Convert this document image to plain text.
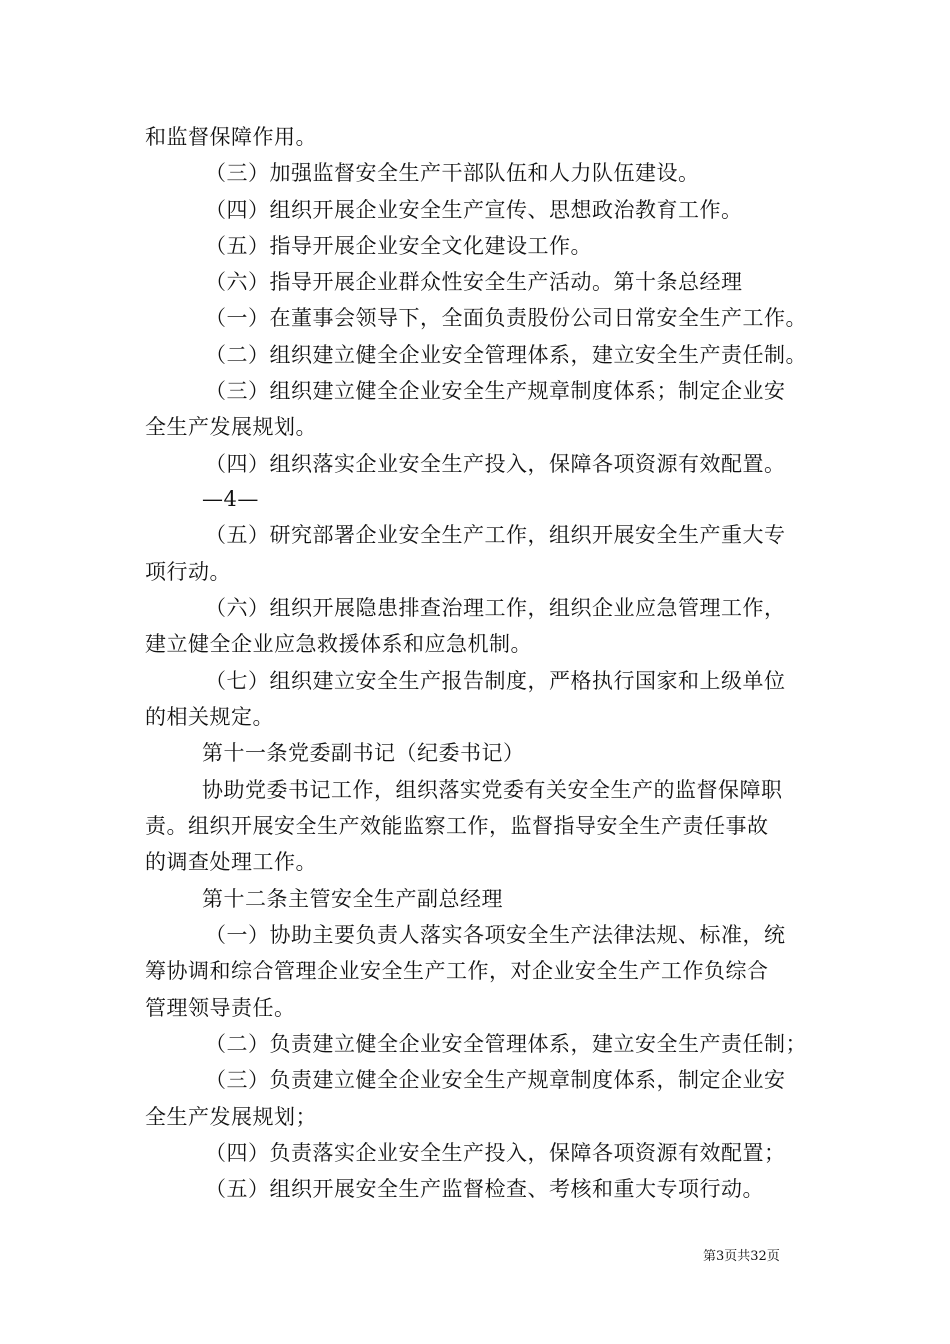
和监督保障作用。
（三）加强监督安全生产干部队伍和人力队伍建设。
（四）组织开展企业安全生产宣传、思想政治教育工作。
（五）指导开展企业安全文化建设工作。
（六）指导开展企业群众性安全生产活动。第十条总经理
（一）在董事会领导下，全面负责股份公司日常安全生产工作。
（二）组织建立健全企业安全管理体系，建立安全生产责任制。
（三）组织建立健全企业安全生产规章制度体系；制定企业安
全生产发展规划。
（四）组织落实企业安全生产投入，保障各项资源有效配置。
—4—
（五）研究部署企业安全生产工作，组织开展安全生产重大专
项行动。
（六）组织开展隐患排查治理工作，组织企业应急管理工作，
建立健全企业应急救援体系和应急机制。
（七）组织建立安全生产报告制度，严格执行国家和上级单位
的相关规定。
第十一条党委副书记（纪委书记）
协助党委书记工作，组织落实党委有关安全生产的监督保障职
责。组织开展安全生产效能监察工作，监督指导安全生产责任事故
的调查处理工作。
第十二条主管安全生产副总经理
（一）协助主要负责人落实各项安全生产法律法规、标准，统
筹协调和综合管理企业安全生产工作，对企业安全生产工作负综合
管理领导责任。
（二）负责建立健全企业安全管理体系，建立安全生产责任制；
（三）负责建立健全企业安全生产规章制度体系，制定企业安
全生产发展规划；
（四）负责落实企业安全生产投入，保障各项资源有效配置；
（五）组织开展安全生产监督检查、考核和重大专项行动。
第3页共32页
